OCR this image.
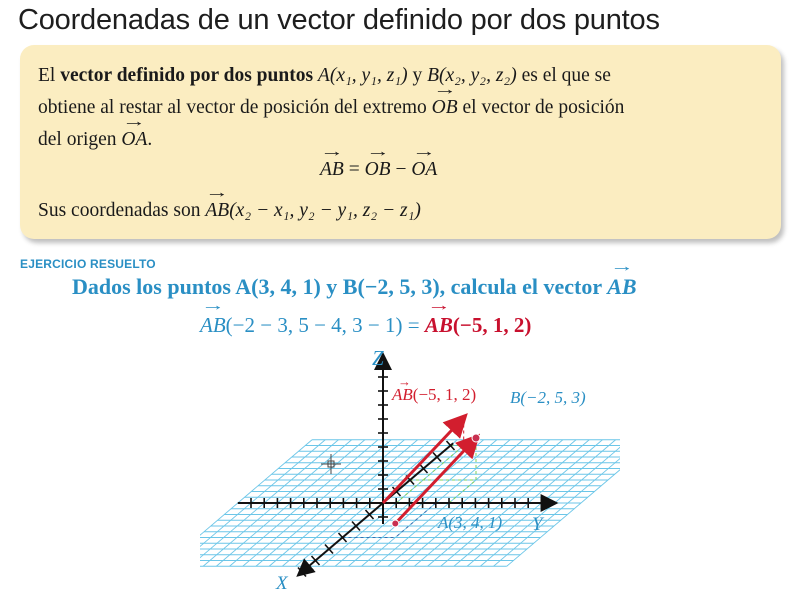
Coordenadas de un vector definido por dos puntos
El vector definido por dos puntos A(x₁, y₁, z₁) y B(x₂, y₂, z₂) es el que se
obtiene al restar al vector de posición del extremo → OB el vector de posición
del origen → OA.
→ AB = → OB − → OA
Sus coordenadas son → AB(x₂ − x₁, y₂ − y₁, z₂ − z₁)
EJERCICIO RESUELTO
Dados los puntos A(3, 4, 1) y B(−2, 5, 3), calcula el vector → AB
→ AB(−2 − 3, 5 − 4, 3 − 1) = → AB(−5, 1, 2)
Z
Y
X
AB(−5, 1, 2)
→
B(−2, 5, 3)
A(3, 4, 1)
